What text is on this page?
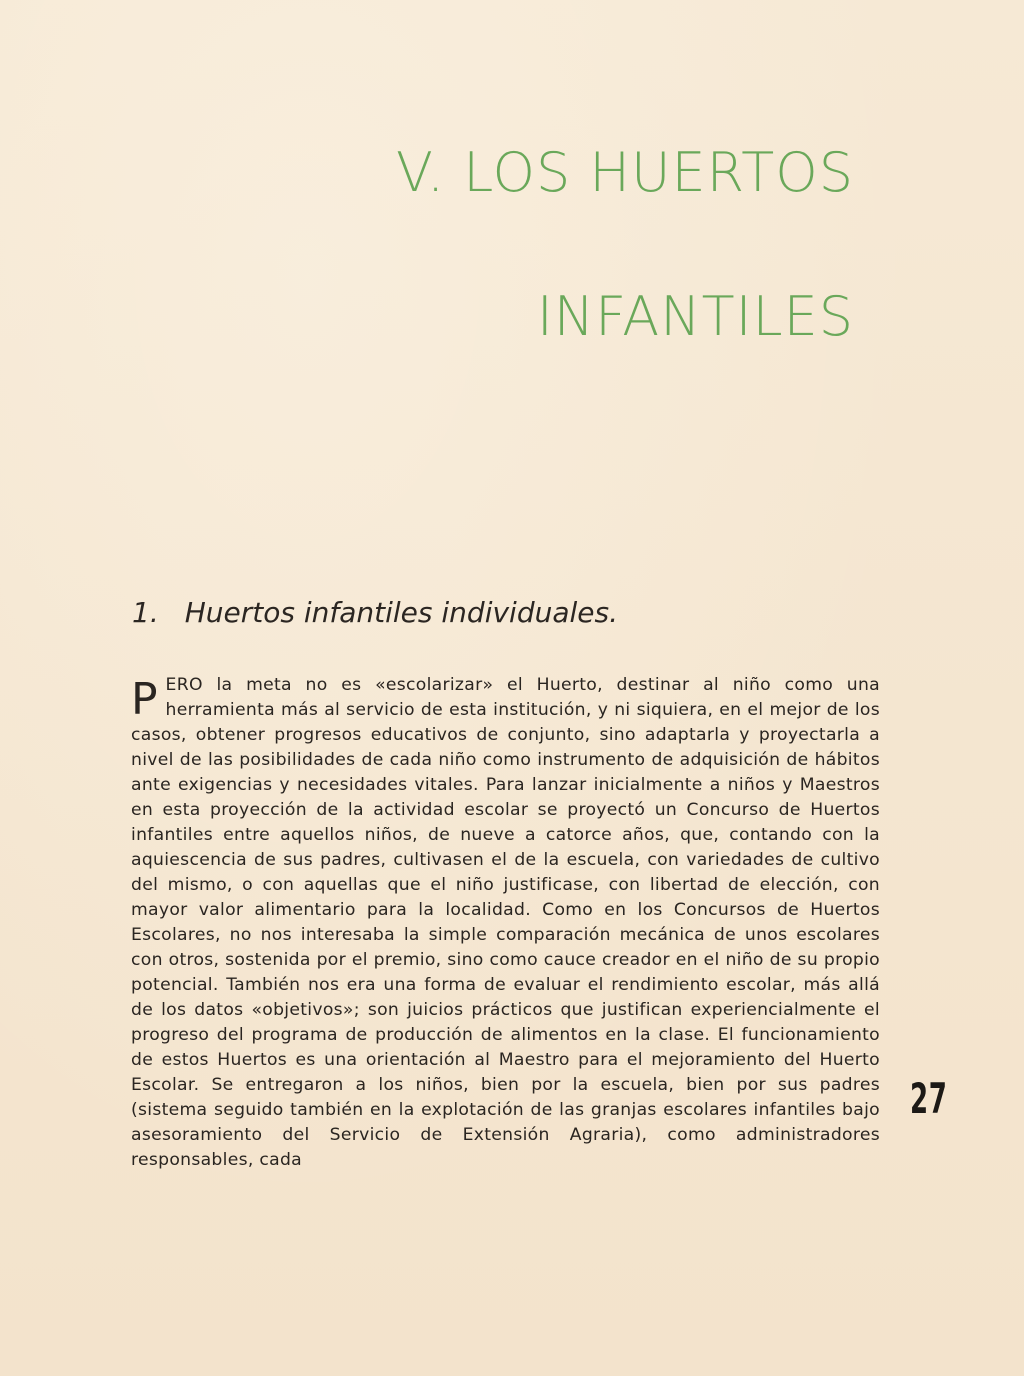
V. LOS HUERTOS
INFANTILES
1. Huertos infantiles individuales.

PERO la meta no es «escolarizar» el Huerto, destinar al niño como una herramienta más al servicio de esta institución, y ni siquiera, en el mejor de los casos, obtener progresos educativos de conjunto, sino adaptarla y proyectarla a nivel de las posibilidades de cada niño como instrumento de adquisición de hábitos ante exigencias y necesidades vitales. Para lanzar inicialmente a niños y Maestros en esta proyección de la actividad escolar se proyectó un Concurso de Huertos infantiles entre aquellos niños, de nueve a catorce años, que, contando con la aquiescencia de sus padres, cultivasen el de la escuela, con variedades de cultivo del mismo, o con aquellas que el niño justificase, con libertad de elección, con mayor valor alimentario para la localidad. Como en los Concursos de Huertos Escolares, no nos interesaba la simple comparación mecánica de unos escolares con otros, sostenida por el premio, sino como cauce creador en el niño de su propio potencial. También nos era una forma de evaluar el rendimiento escolar, más allá de los datos «objetivos»; son juicios prácticos que justifican experiencialmente el progreso del programa de producción de alimentos en la clase. El funcionamiento de estos Huertos es una orientación al Maestro para el mejoramiento del Huerto Escolar. Se entregaron a los niños, bien por la escuela, bien por sus padres (sistema seguido también en la explotación de las granjas escolares infantiles bajo asesoramiento del Servicio de Extensión Agraria), como administradores responsables, cada

27
